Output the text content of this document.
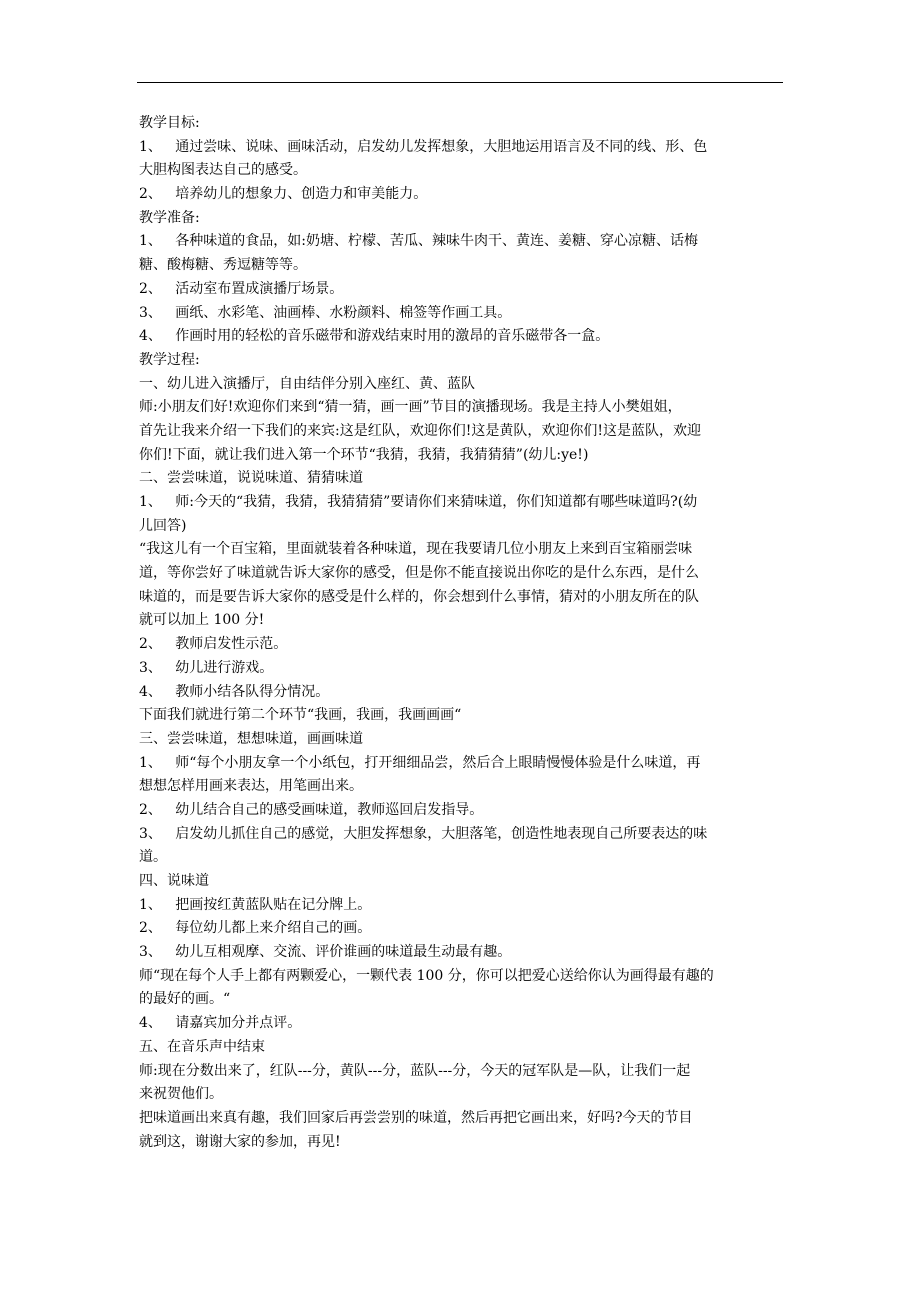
教学目标:
1、   通过尝味、说味、画味活动，启发幼儿发挥想象，大胆地运用语言及不同的线、形、色
大胆构图表达自己的感受。
2、   培养幼儿的想象力、创造力和审美能力。
教学准备:
1、   各种味道的食品，如:奶塘、柠檬、苦瓜、辣味牛肉干、黄连、姜糖、穿心凉糖、话梅
糖、酸梅糖、秀逗糖等等。
2、   活动室布置成演播厅场景。
3、   画纸、水彩笔、油画棒、水粉颜料、棉签等作画工具。
4、   作画时用的轻松的音乐磁带和游戏结束时用的激昂的音乐磁带各一盒。
教学过程:
一、幼儿进入演播厅，自由结伴分别入座红、黄、蓝队
师:小朋友们好!欢迎你们来到“猜一猜，画一画”节目的演播现场。我是主持人小樊姐姐，
首先让我来介绍一下我们的来宾:这是红队，欢迎你们!这是黄队，欢迎你们!这是蓝队，欢迎
你们!下面，就让我们进入第一个环节“我猜，我猜，我猜猜猜”(幼儿:ye!)
二、尝尝味道，说说味道、猜猜味道
1、   师:今天的“我猜，我猜，我猜猜猜”要请你们来猜味道，你们知道都有哪些味道吗?(幼
儿回答)
“我这儿有一个百宝箱，里面就装着各种味道，现在我要请几位小朋友上来到百宝箱丽尝味
道，等你尝好了味道就告诉大家你的感受，但是你不能直接说出你吃的是什么东西，是什么
味道的，而是要告诉大家你的感受是什么样的，你会想到什么事情，猜对的小朋友所在的队
就可以加上 100 分!
2、   教师启发性示范。
3、   幼儿进行游戏。
4、   教师小结各队得分情况。
下面我们就进行第二个环节“我画，我画，我画画画“
三、尝尝味道，想想味道，画画味道
1、   师“每个小朋友拿一个小纸包，打开细细品尝，然后合上眼睛慢慢体验是什么味道，再
想想怎样用画来表达，用笔画出来。
2、   幼儿结合自己的感受画味道，教师巡回启发指导。
3、   启发幼儿抓住自己的感觉，大胆发挥想象，大胆落笔，创造性地表现自己所要表达的味
道。
四、说味道
1、   把画按红黄蓝队贴在记分牌上。
2、   每位幼儿都上来介绍自己的画。
3、   幼儿互相观摩、交流、评价谁画的味道最生动最有趣。
师“现在每个人手上都有两颗爱心，一颗代表 100 分，你可以把爱心送给你认为画得最有趣的
的最好的画。“
4、   请嘉宾加分并点评。
五、在音乐声中结束
师:现在分数出来了，红队---分，黄队---分，蓝队---分，今天的冠军队是—队，让我们一起
来祝贺他们。
把味道画出来真有趣，我们回家后再尝尝别的味道，然后再把它画出来，好吗?今天的节目
就到这，谢谢大家的参加，再见!
